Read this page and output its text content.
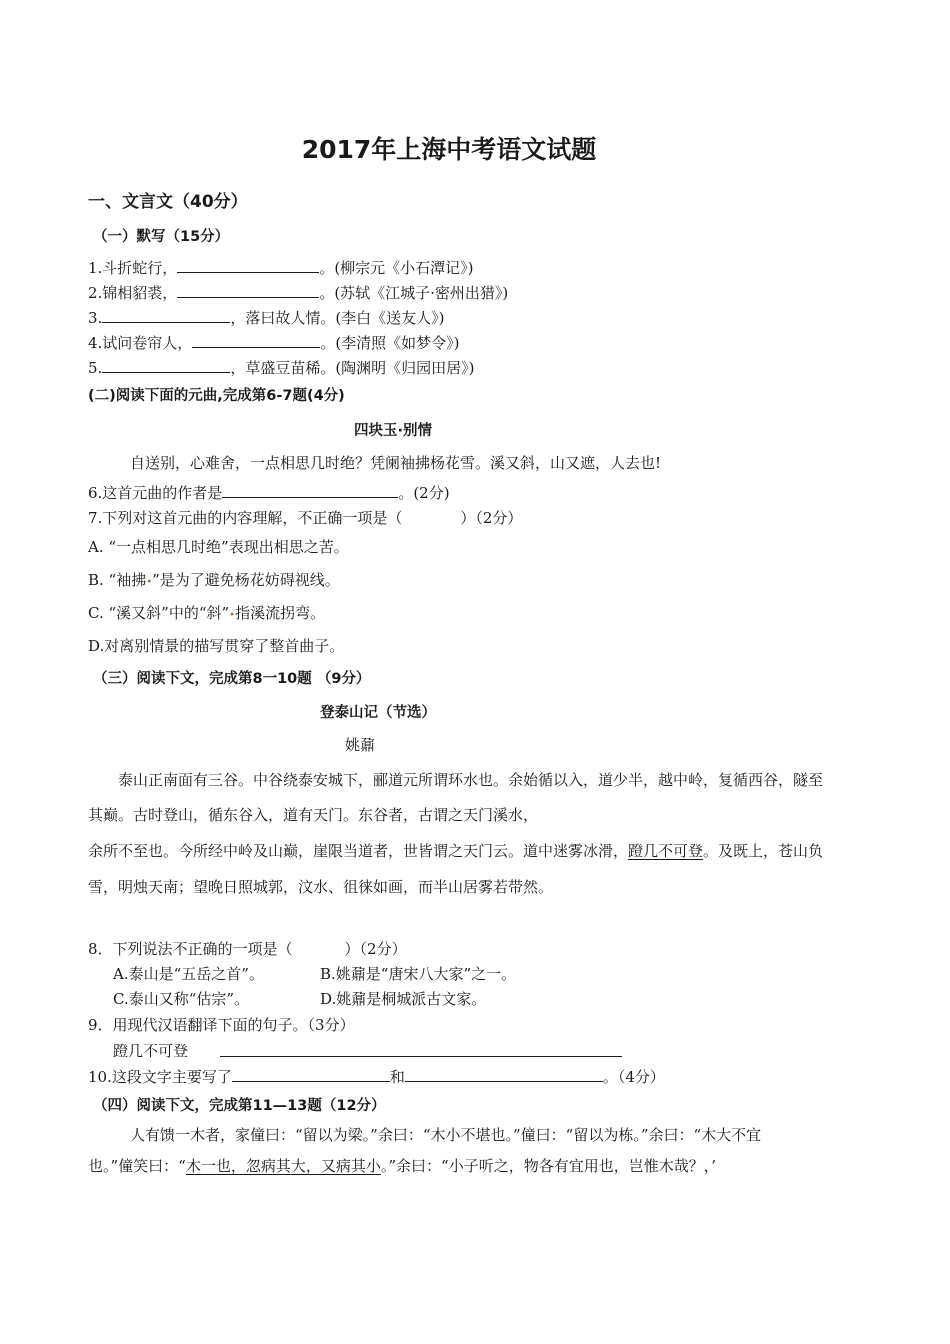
2017年上海中考语文试题
一、文言文（40分）
（一）默写（15分）
1.斗折蛇行，	。(柳宗元《小石潭记》)
2.锦相貂裘，	。(苏轼《江城子·密州出猎》)
3.	，落曰故人情。(李白《送友人》)
4.试问卷帘人，	。(李清照《如梦令》)
5.	，草盛豆苗稀。(陶渊明《归园田居》)
(二)阅读下面的元曲,完成第6-7题(4分)
四块玉·别情
自送别，心难舍，一点相思几时绝？凭阑袖拂杨花雪。溪又斜，山又遮，人去也!
6.这首元曲的作者是	。(2分)
7.下列对这首元曲的内容理解，不正确一项是（	）（2分）
A. “一点相思几时绝”表现出相思之苦。
B. “袖拂•”是为了避免杨花妨碍视线。
C. “溪又斜”中的“斜”•指溪流拐弯。
D.对离别情景的描写贯穿了整首曲子。
（三）阅读下文，完成第8一10题 （9分）
登泰山记（节选）
姚鼐
泰山正南面有三谷。中谷绕泰安城下，郦道元所谓环水也。余始循以入，道少半，越中岭，复循西谷，隧至
其巅。古时登山，循东谷入，道有天门。东谷者，古谓之天门溪水，
余所不至也。今所经中岭及山巅，崖限当道者，世皆谓之天门云。道中迷雾冰滑，蹬几不可登。及既上，苍山负
雪，明烛天南；望晚日照城郭，汶水、徂徕如画，而半山居雾若带然。
8．下列说法不正确的一项是（	）（2分）
A.泰山是“五岳之首”。	B.姚鼐是“唐宋八大家”之一。
C.泰山又称“估宗”。	D.姚鼐是桐城派古文家。
9．用现代汉语翻译下面的句子。（3分）
蹬几不可登
10.这段文字主要写了	和	。（4分）
（四）阅读下文，完成第11—13题（12分）
人有馈一木者，家僮曰：“留以为梁。”余曰：“木小不堪也。”僮曰：“留以为栋。”余曰：“木大不宜
也。”僮笑曰：“木一也，忽病其大，又病其小。”余曰：“小子听之，物各有宜用也，岂惟木哉？，’
